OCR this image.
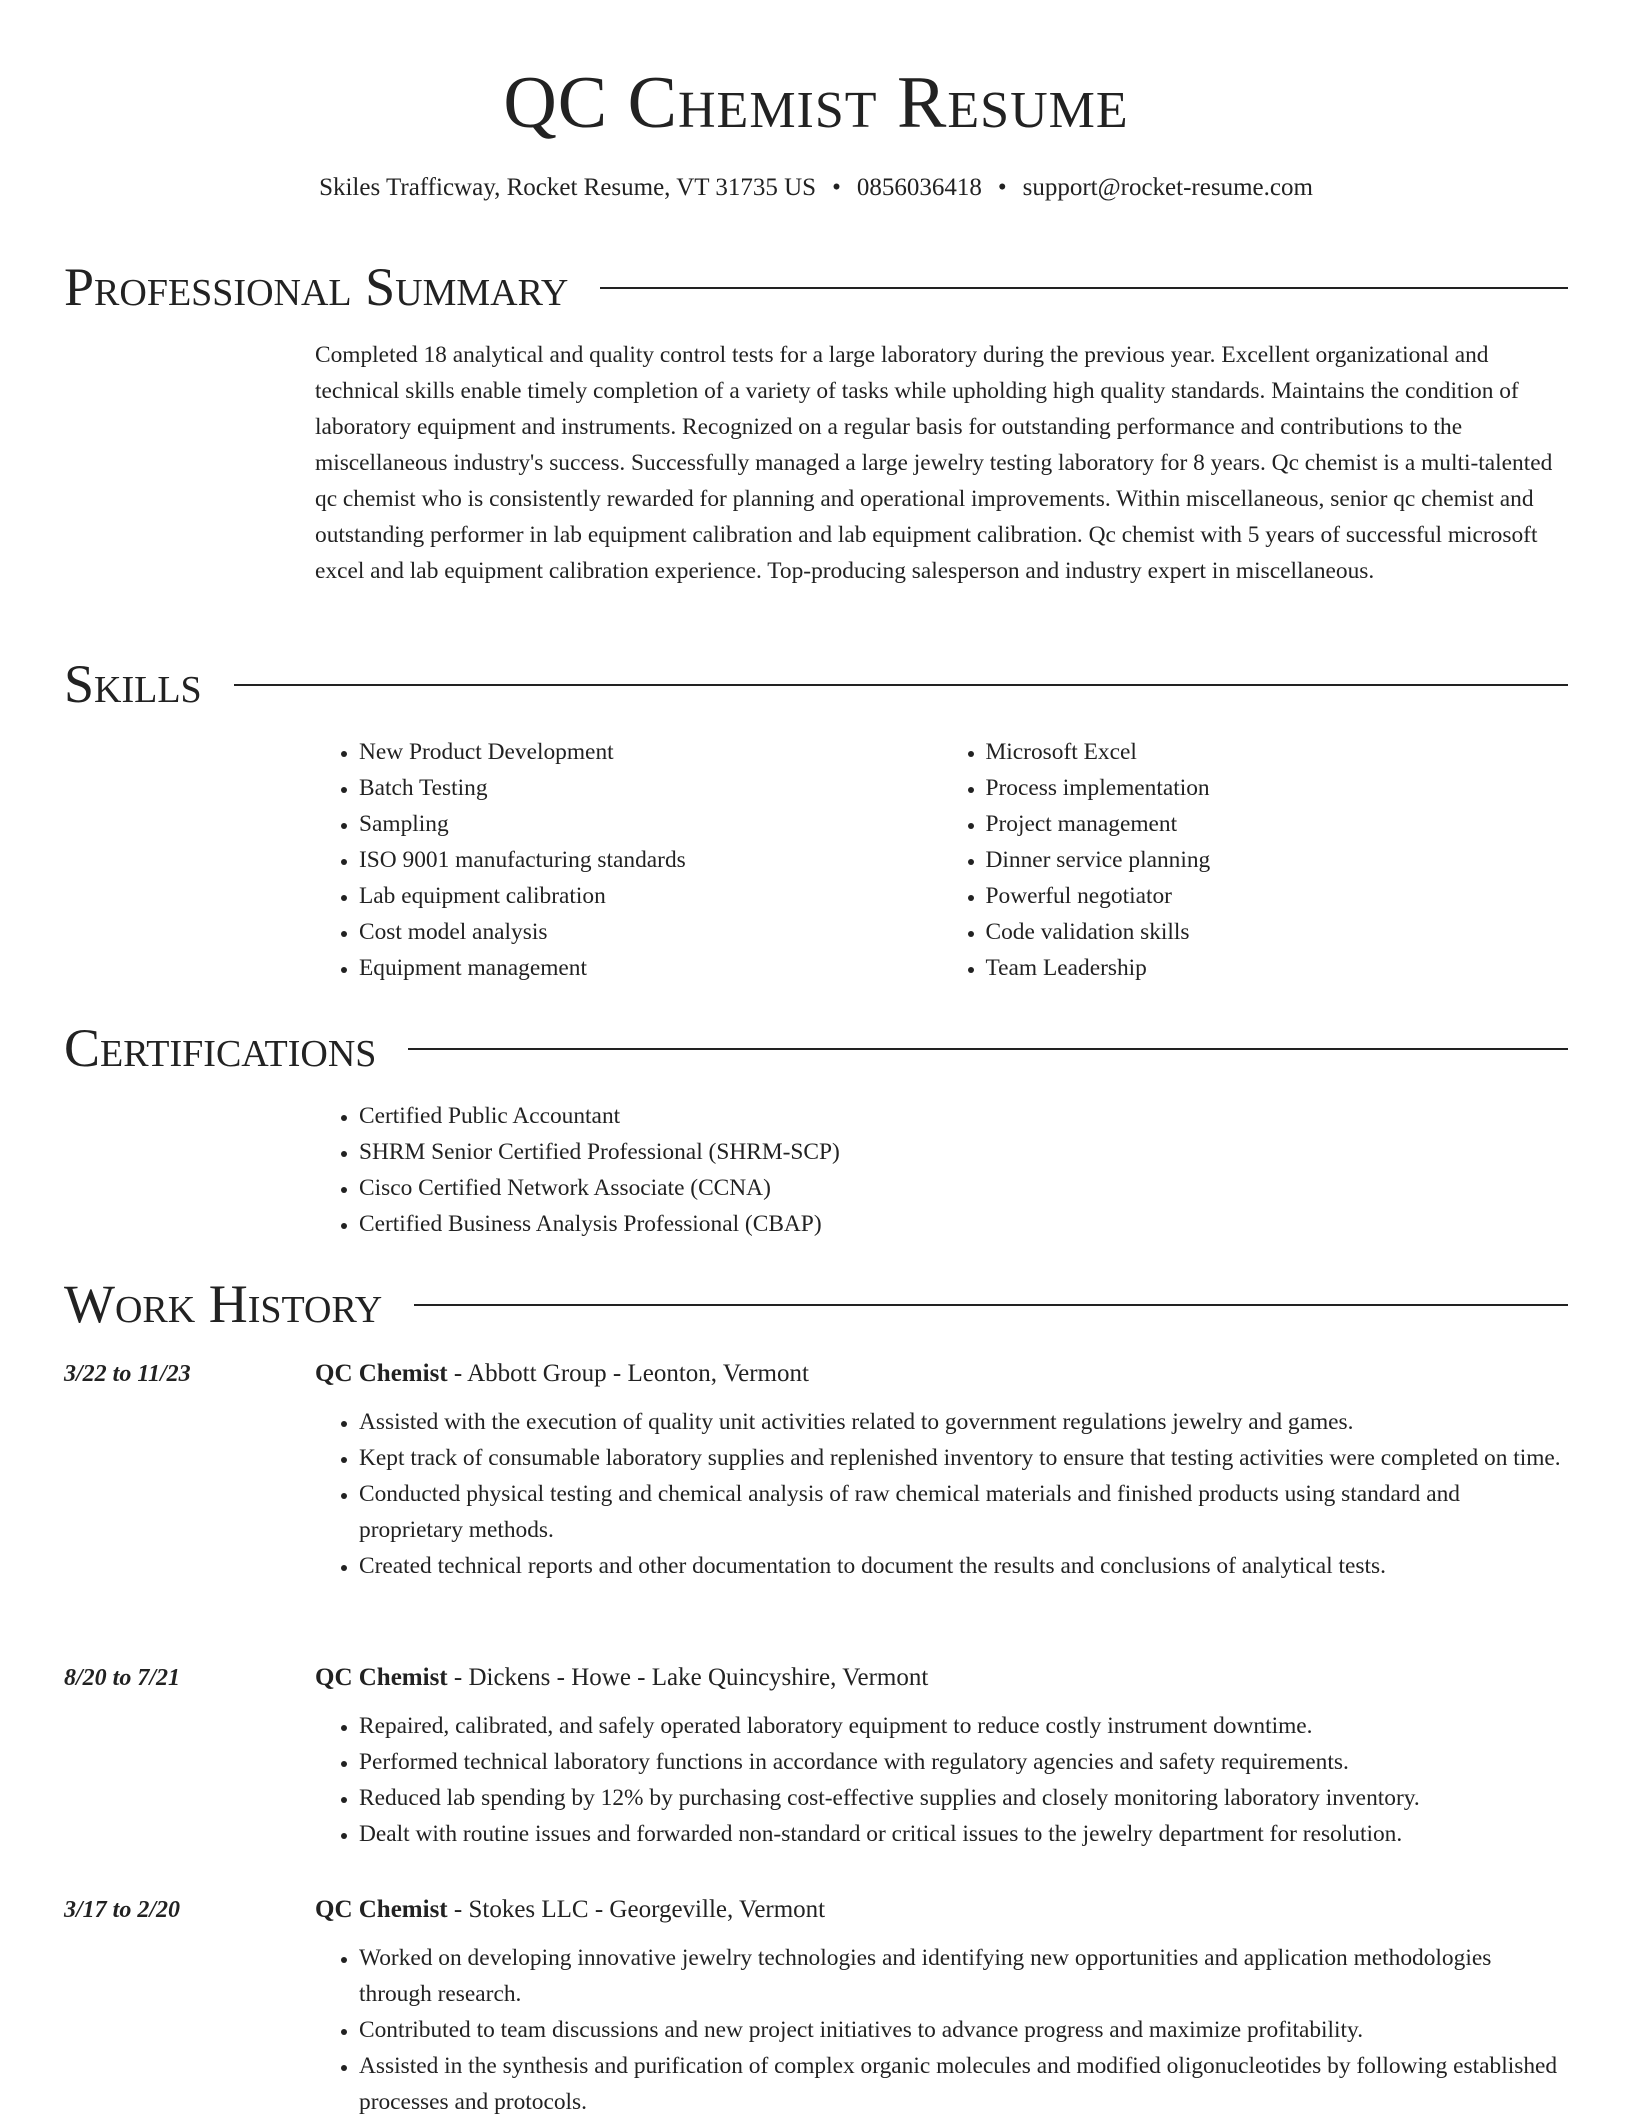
QC Chemist Resume
Skiles Trafficway, Rocket Resume, VT 31735 US • 0856036418 • support@rocket-resume.com
Professional Summary

Completed 18 analytical and quality control tests for a large laboratory during the previous year. Excellent organizational and technical skills enable timely completion of a variety of tasks while upholding high quality standards. Maintains the condition of laboratory equipment and instruments. Recognized on a regular basis for outstanding performance and contributions to the miscellaneous industry's success. Successfully managed a large jewelry testing laboratory for 8 years. Qc chemist is a multi-talented qc chemist who is consistently rewarded for planning and operational improvements. Within miscellaneous, senior qc chemist and outstanding performer in lab equipment calibration and lab equipment calibration. Qc chemist with 5 years of successful microsoft excel and lab equipment calibration experience. Top-producing salesperson and industry expert in miscellaneous.

Skills
• New Product Development
• Batch Testing
• Sampling
• ISO 9001 manufacturing standards
• Lab equipment calibration
• Cost model analysis
• Equipment management
• Microsoft Excel
• Process implementation
• Project management
• Dinner service planning
• Powerful negotiator
• Code validation skills
• Team Leadership
Certifications
• Certified Public Accountant
• SHRM Senior Certified Professional (SHRM-SCP)
• Cisco Certified Network Associate (CCNA)
• Certified Business Analysis Professional (CBAP)
Work History
3/22 to 11/23	QC Chemist - Abbott Group - Leonton, Vermont
• Assisted with the execution of quality unit activities related to government regulations jewelry and games.
• Kept track of consumable laboratory supplies and replenished inventory to ensure that testing activities were completed on time.
• Conducted physical testing and chemical analysis of raw chemical materials and finished products using standard and proprietary methods.
• Created technical reports and other documentation to document the results and conclusions of analytical tests.
8/20 to 7/21	QC Chemist - Dickens - Howe - Lake Quincyshire, Vermont
• Repaired, calibrated, and safely operated laboratory equipment to reduce costly instrument downtime.
• Performed technical laboratory functions in accordance with regulatory agencies and safety requirements.
• Reduced lab spending by 12% by purchasing cost-effective supplies and closely monitoring laboratory inventory.
• Dealt with routine issues and forwarded non-standard or critical issues to the jewelry department for resolution.
3/17 to 2/20	QC Chemist - Stokes LLC - Georgeville, Vermont
• Worked on developing innovative jewelry technologies and identifying new opportunities and application methodologies through research.
• Contributed to team discussions and new project initiatives to advance progress and maximize profitability.
• Assisted in the synthesis and purification of complex organic molecules and modified oligonucleotides by following established processes and protocols.
